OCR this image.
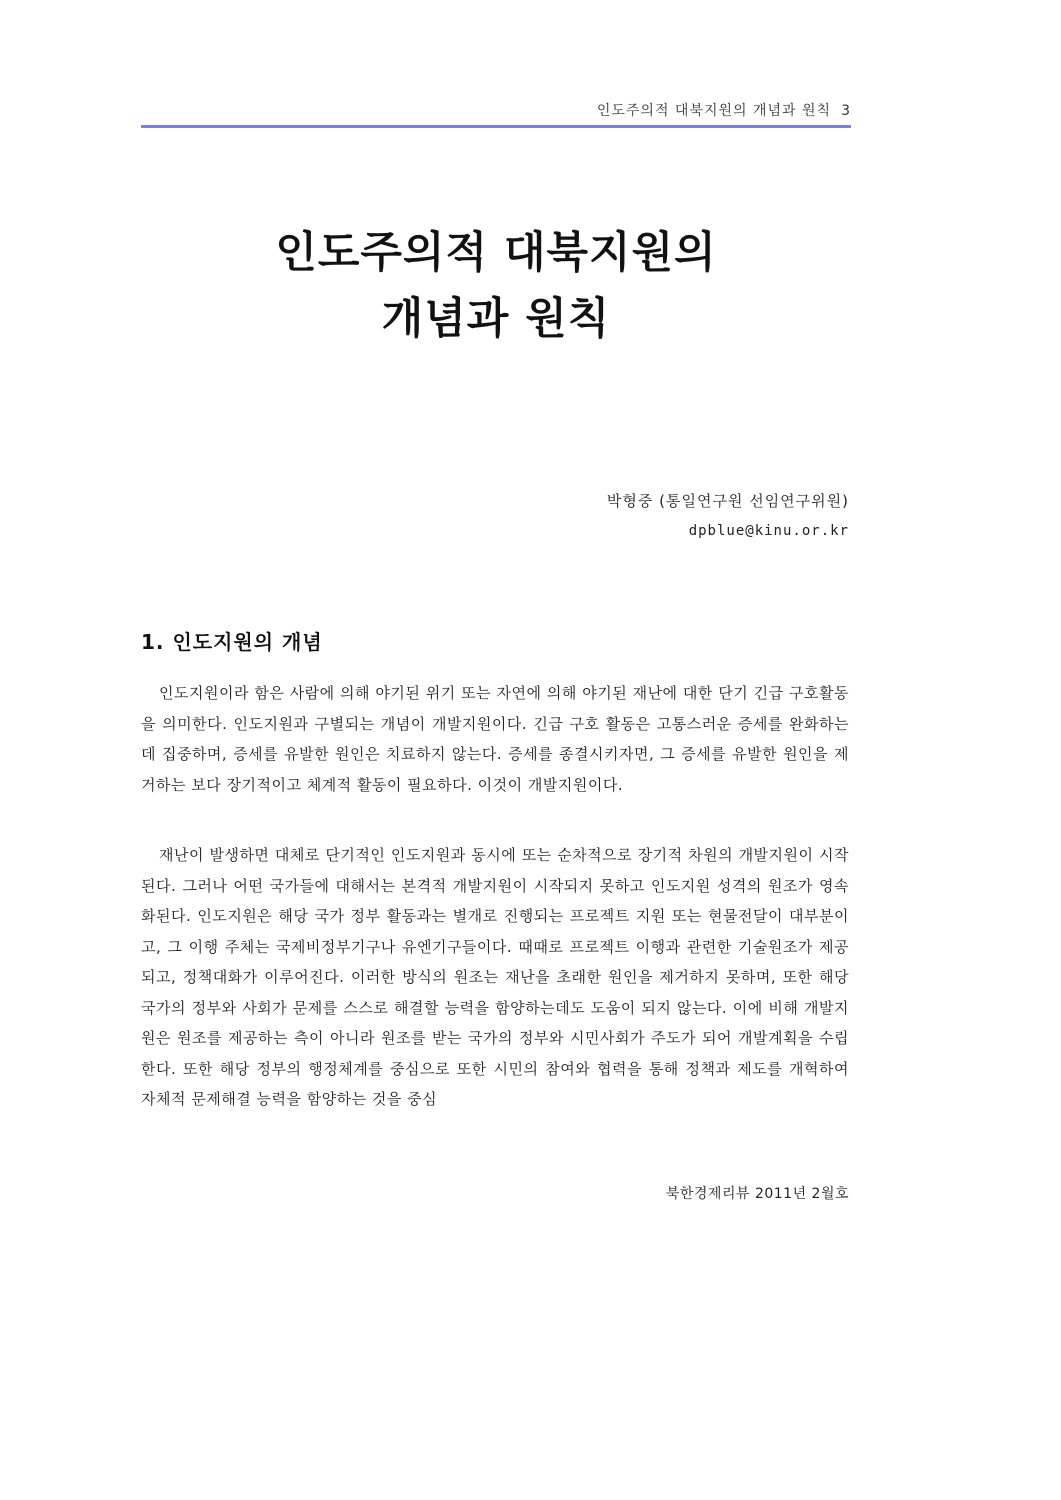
인도주의적 대북지원의 개념과 원칙 3
인도주의적 대북지원의
개념과 원칙
박형중 (통일연구원 선임연구위원)
dpblue@kinu.or.kr
1. 인도지원의 개념

인도지원이라 함은 사람에 의해 야기된 위기 또는 자연에 의해 야기된 재난에 대한 단기 긴급 구호활동을 의미한다. 인도지원과 구별되는 개념이 개발지원이다. 긴급 구호 활동은 고통스러운 증세를 완화하는데 집중하며, 증세를 유발한 원인은 치료하지 않는다. 증세를 종결시키자면, 그 증세를 유발한 원인을 제거하는 보다 장기적이고 체계적 활동이 필요하다. 이것이 개발지원이다.

재난이 발생하면 대체로 단기적인 인도지원과 동시에 또는 순차적으로 장기적 차원의 개발지원이 시작된다. 그러나 어떤 국가들에 대해서는 본격적 개발지원이 시작되지 못하고 인도지원 성격의 원조가 영속화된다. 인도지원은 해당 국가 정부 활동과는 별개로 진행되는 프로젝트 지원 또는 현물전달이 대부분이고, 그 이행 주체는 국제비정부기구나 유엔기구들이다. 때때로 프로젝트 이행과 관련한 기술원조가 제공되고, 정책대화가 이루어진다. 이러한 방식의 원조는 재난을 초래한 원인을 제거하지 못하며, 또한 해당 국가의 정부와 사회가 문제를 스스로 해결할 능력을 함양하는데도 도움이 되지 않는다. 이에 비해 개발지원은 원조를 제공하는 측이 아니라 원조를 받는 국가의 정부와 시민사회가 주도가 되어 개발계획을 수립한다. 또한 해당 정부의 행정체계를 중심으로 또한 시민의 참여와 협력을 통해 정책과 제도를 개혁하여 자체적 문제해결 능력을 함양하는 것을 중심

북한경제리뷰 2011년 2월호
